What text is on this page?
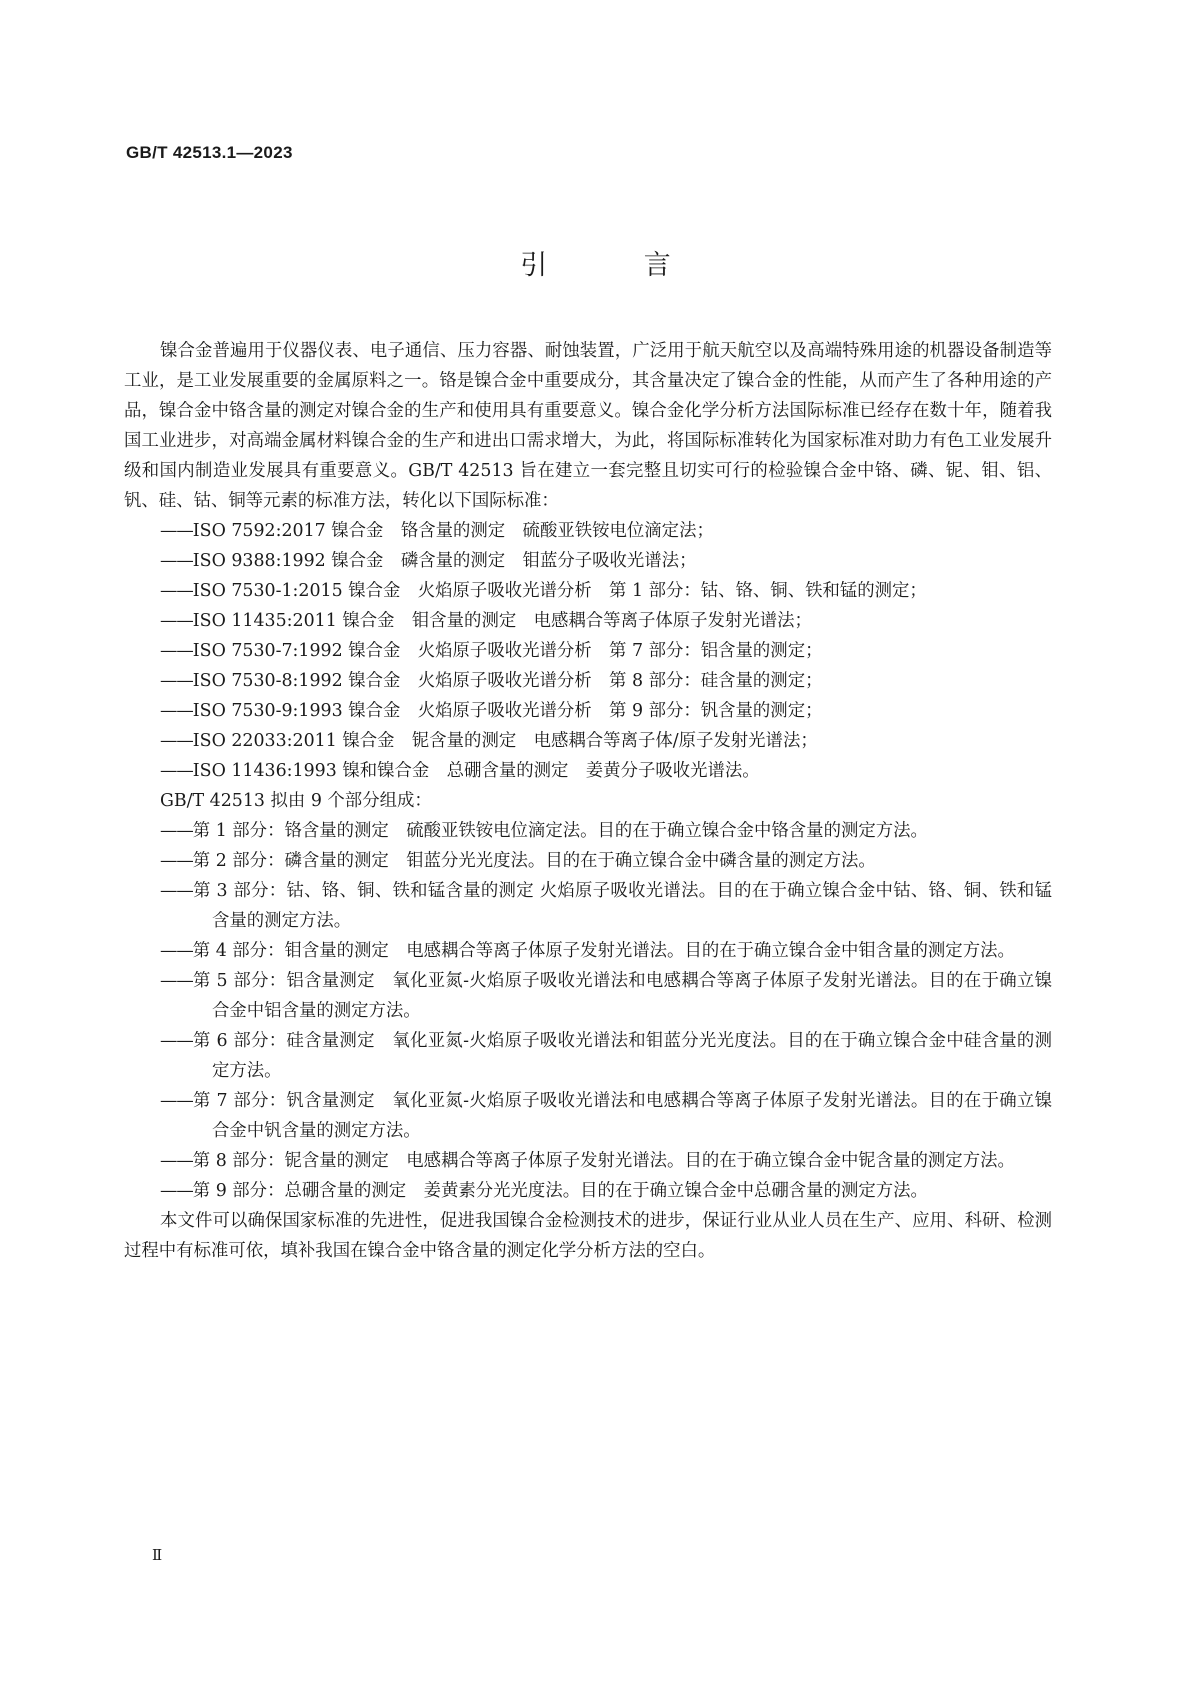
GB/T 42513.1—2023
引 言

镍合金普遍用于仪器仪表、电子通信、压力容器、耐蚀装置，广泛用于航天航空以及高端特殊用途的机器设备制造等工业，是工业发展重要的金属原料之一。铬是镍合金中重要成分，其含量决定了镍合金的性能，从而产生了各种用途的产品，镍合金中铬含量的测定对镍合金的生产和使用具有重要意义。镍合金化学分析方法国际标准已经存在数十年，随着我国工业进步，对高端金属材料镍合金的生产和进出口需求增大，为此，将国际标准转化为国家标准对助力有色工业发展升级和国内制造业发展具有重要意义。GB/T 42513 旨在建立一套完整且切实可行的检验镍合金中铬、磷、铌、钼、铝、钒、硅、钴、铜等元素的标准方法，转化以下国际标准：

——ISO 7592:2017 镍合金　铬含量的测定　硫酸亚铁铵电位滴定法；

——ISO 9388:1992 镍合金　磷含量的测定　钼蓝分子吸收光谱法；

——ISO 7530-1:2015 镍合金　火焰原子吸收光谱分析　第 1 部分：钴、铬、铜、铁和锰的测定；

——ISO 11435:2011 镍合金　钼含量的测定　电感耦合等离子体原子发射光谱法；

——ISO 7530-7:1992 镍合金　火焰原子吸收光谱分析　第 7 部分：铝含量的测定；

——ISO 7530-8:1992 镍合金　火焰原子吸收光谱分析　第 8 部分：硅含量的测定；

——ISO 7530-9:1993 镍合金　火焰原子吸收光谱分析　第 9 部分：钒含量的测定；

——ISO 22033:2011 镍合金　铌含量的测定　电感耦合等离子体/原子发射光谱法；

——ISO 11436:1993 镍和镍合金　总硼含量的测定　姜黄分子吸收光谱法。

GB/T 42513 拟由 9 个部分组成：

——第 1 部分：铬含量的测定　硫酸亚铁铵电位滴定法。目的在于确立镍合金中铬含量的测定方法。

——第 2 部分：磷含量的测定　钼蓝分光光度法。目的在于确立镍合金中磷含量的测定方法。

——第 3 部分：钴、铬、铜、铁和锰含量的测定 火焰原子吸收光谱法。目的在于确立镍合金中钴、铬、铜、铁和锰含量的测定方法。

——第 4 部分：钼含量的测定　电感耦合等离子体原子发射光谱法。目的在于确立镍合金中钼含量的测定方法。

——第 5 部分：铝含量测定　氧化亚氮-火焰原子吸收光谱法和电感耦合等离子体原子发射光谱法。目的在于确立镍合金中铝含量的测定方法。

——第 6 部分：硅含量测定　氧化亚氮-火焰原子吸收光谱法和钼蓝分光光度法。目的在于确立镍合金中硅含量的测定方法。

——第 7 部分：钒含量测定　氧化亚氮-火焰原子吸收光谱法和电感耦合等离子体原子发射光谱法。目的在于确立镍合金中钒含量的测定方法。

——第 8 部分：铌含量的测定　电感耦合等离子体原子发射光谱法。目的在于确立镍合金中铌含量的测定方法。

——第 9 部分：总硼含量的测定　姜黄素分光光度法。目的在于确立镍合金中总硼含量的测定方法。

本文件可以确保国家标准的先进性，促进我国镍合金检测技术的进步，保证行业从业人员在生产、应用、科研、检测过程中有标准可依，填补我国在镍合金中铬含量的测定化学分析方法的空白。

Ⅱ
